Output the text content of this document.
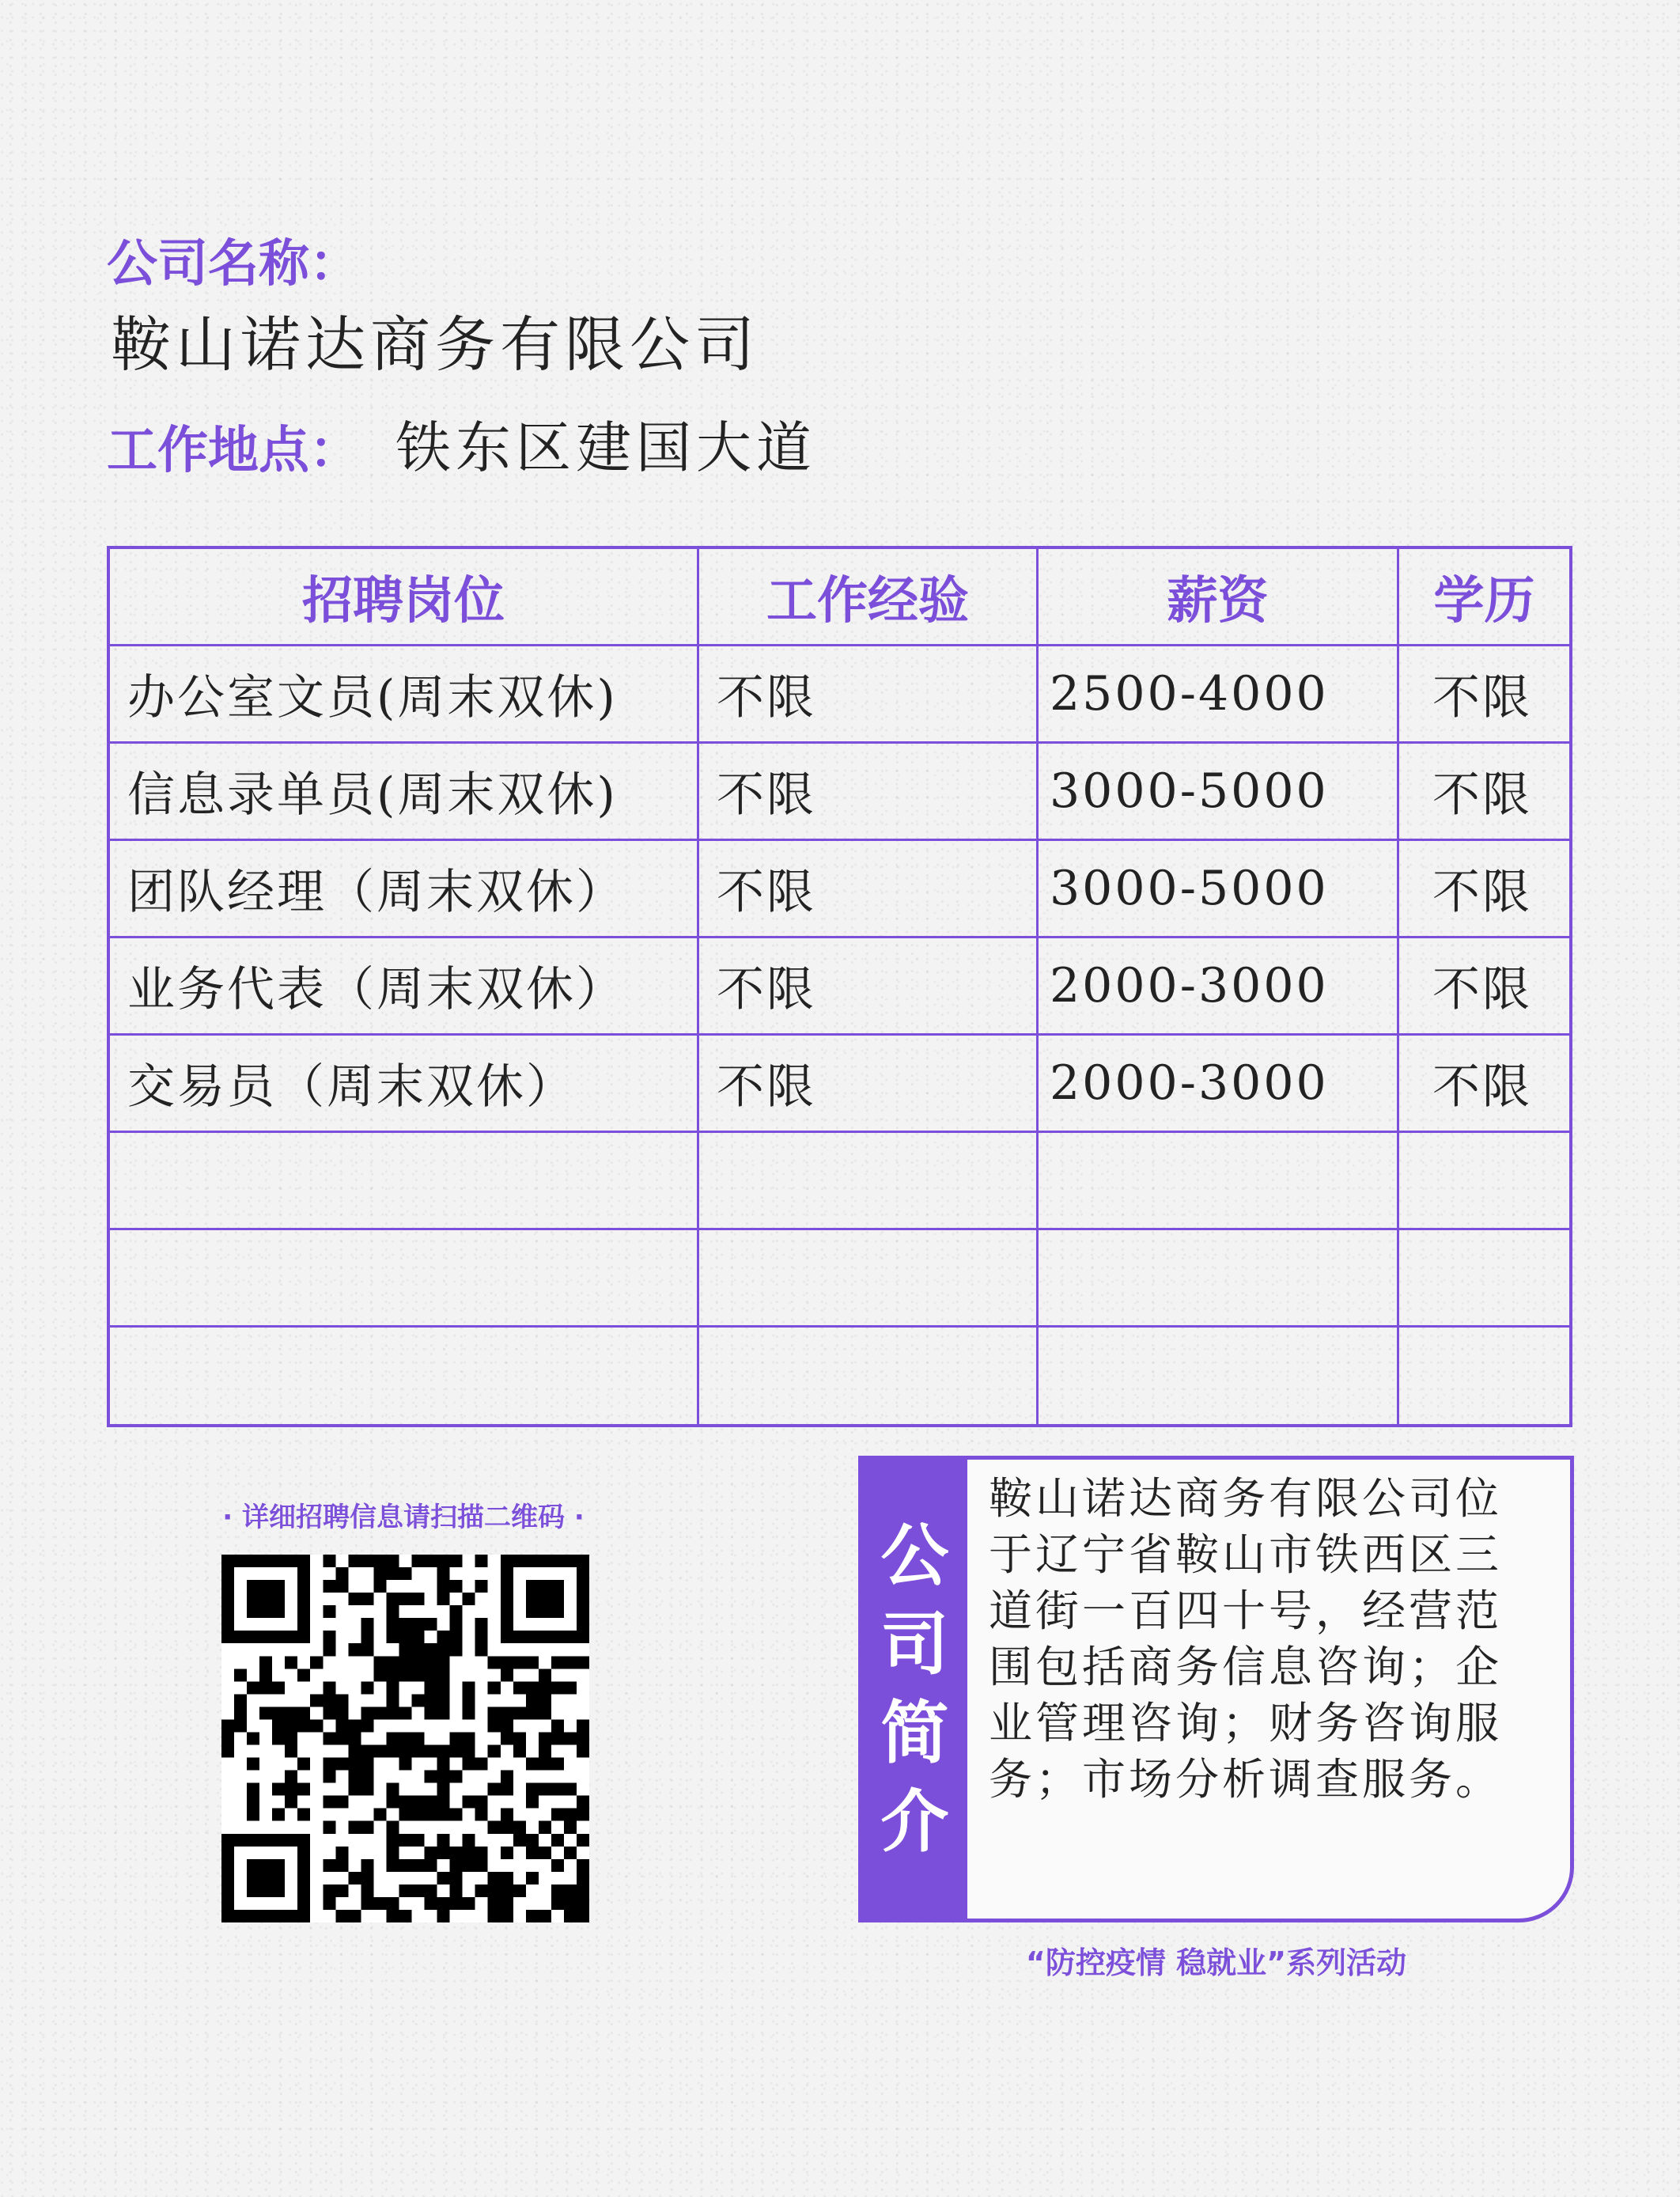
公司名称：
鞍山诺达商务有限公司
工作地点： 铁东区建国大道
招聘岗位	工作经验	薪资	学历
办公室文员(周末双休)	不限	2500-4000	不限
信息录单员(周末双休)	不限	3000-5000	不限
团队经理（周末双休）	不限	3000-5000	不限
业务代表（周末双休）	不限	2000-3000	不限
交易员（周末双休）	不限	2000-3000	不限
· 详细招聘信息请扫描二维码 ·	公
司
简
介
鞍山诺达商务有限公司位于辽宁省鞍山市铁西区三道街一百四十号，经营范围包括商务信息咨询；企业管理咨询；财务咨询服务；市场分析调查服务。
“防控疫情 稳就业”系列活动
